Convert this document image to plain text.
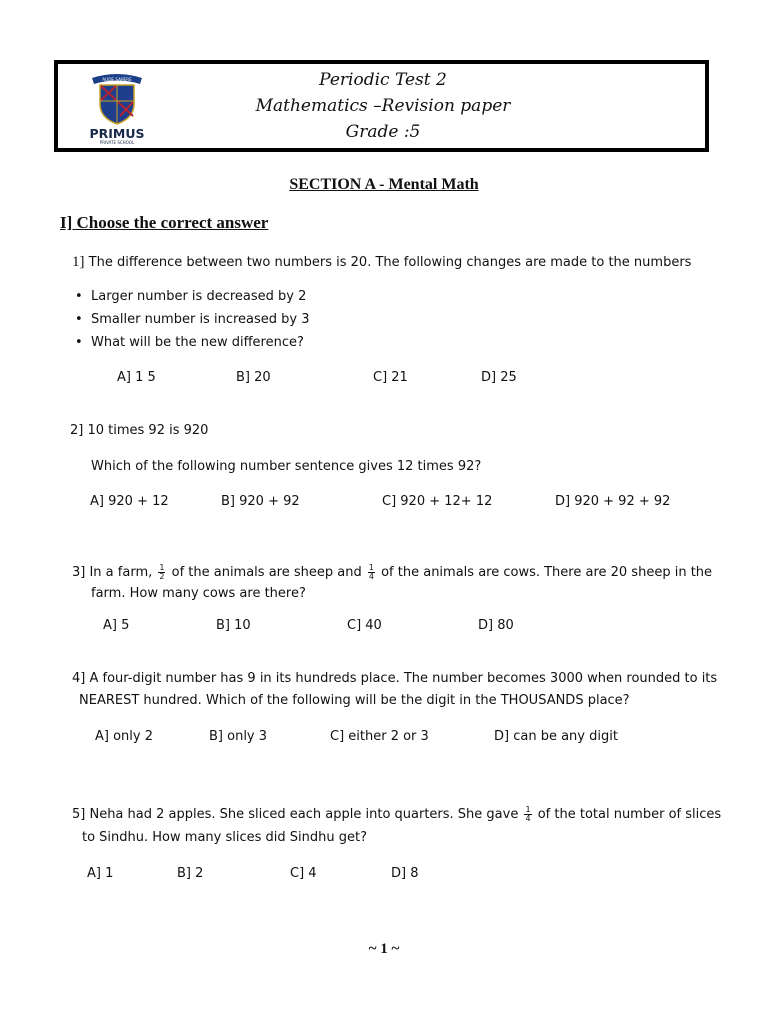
AUDE SAPERE
PRIMUS
PRIVATE SCHOOL
Periodic Test 2
Mathematics –Revision paper
Grade :5
SECTION A - Mental Math
I] Choose the correct answer
1] The difference between two numbers is 20. The following changes are made to the numbers
• Larger number is decreased by 2
• Smaller number is increased by 3
• What will be the new difference?
A] 1 5	B] 20	C] 21	D] 25
2] 10 times 92 is 920
Which of the following number sentence gives 12 times 92?
A] 920 + 12	B] 920 + 92	C] 920 + 12+ 12	D] 920 + 92 + 92
3] In a farm, $\frac{1}{2}$ of the animals are sheep and $\frac{1}{4}$ of the animals are cows. There are 20 sheep in the
farm. How many cows are there?
A] 5	B] 10	C] 40	D] 80
4] A four-digit number has 9 in its hundreds place. The number becomes 3000 when rounded to its
NEAREST hundred. Which of the following will be the digit in the THOUSANDS place?
A] only 2	B] only 3	C] either 2 or 3	D] can be any digit
5] Neha had 2 apples. She sliced each apple into quarters. She gave $\frac{1}{4}$ of the total number of slices
to Sindhu. How many slices did Sindhu get?
A] 1	B] 2	C] 4	D] 8
~ 1 ~
